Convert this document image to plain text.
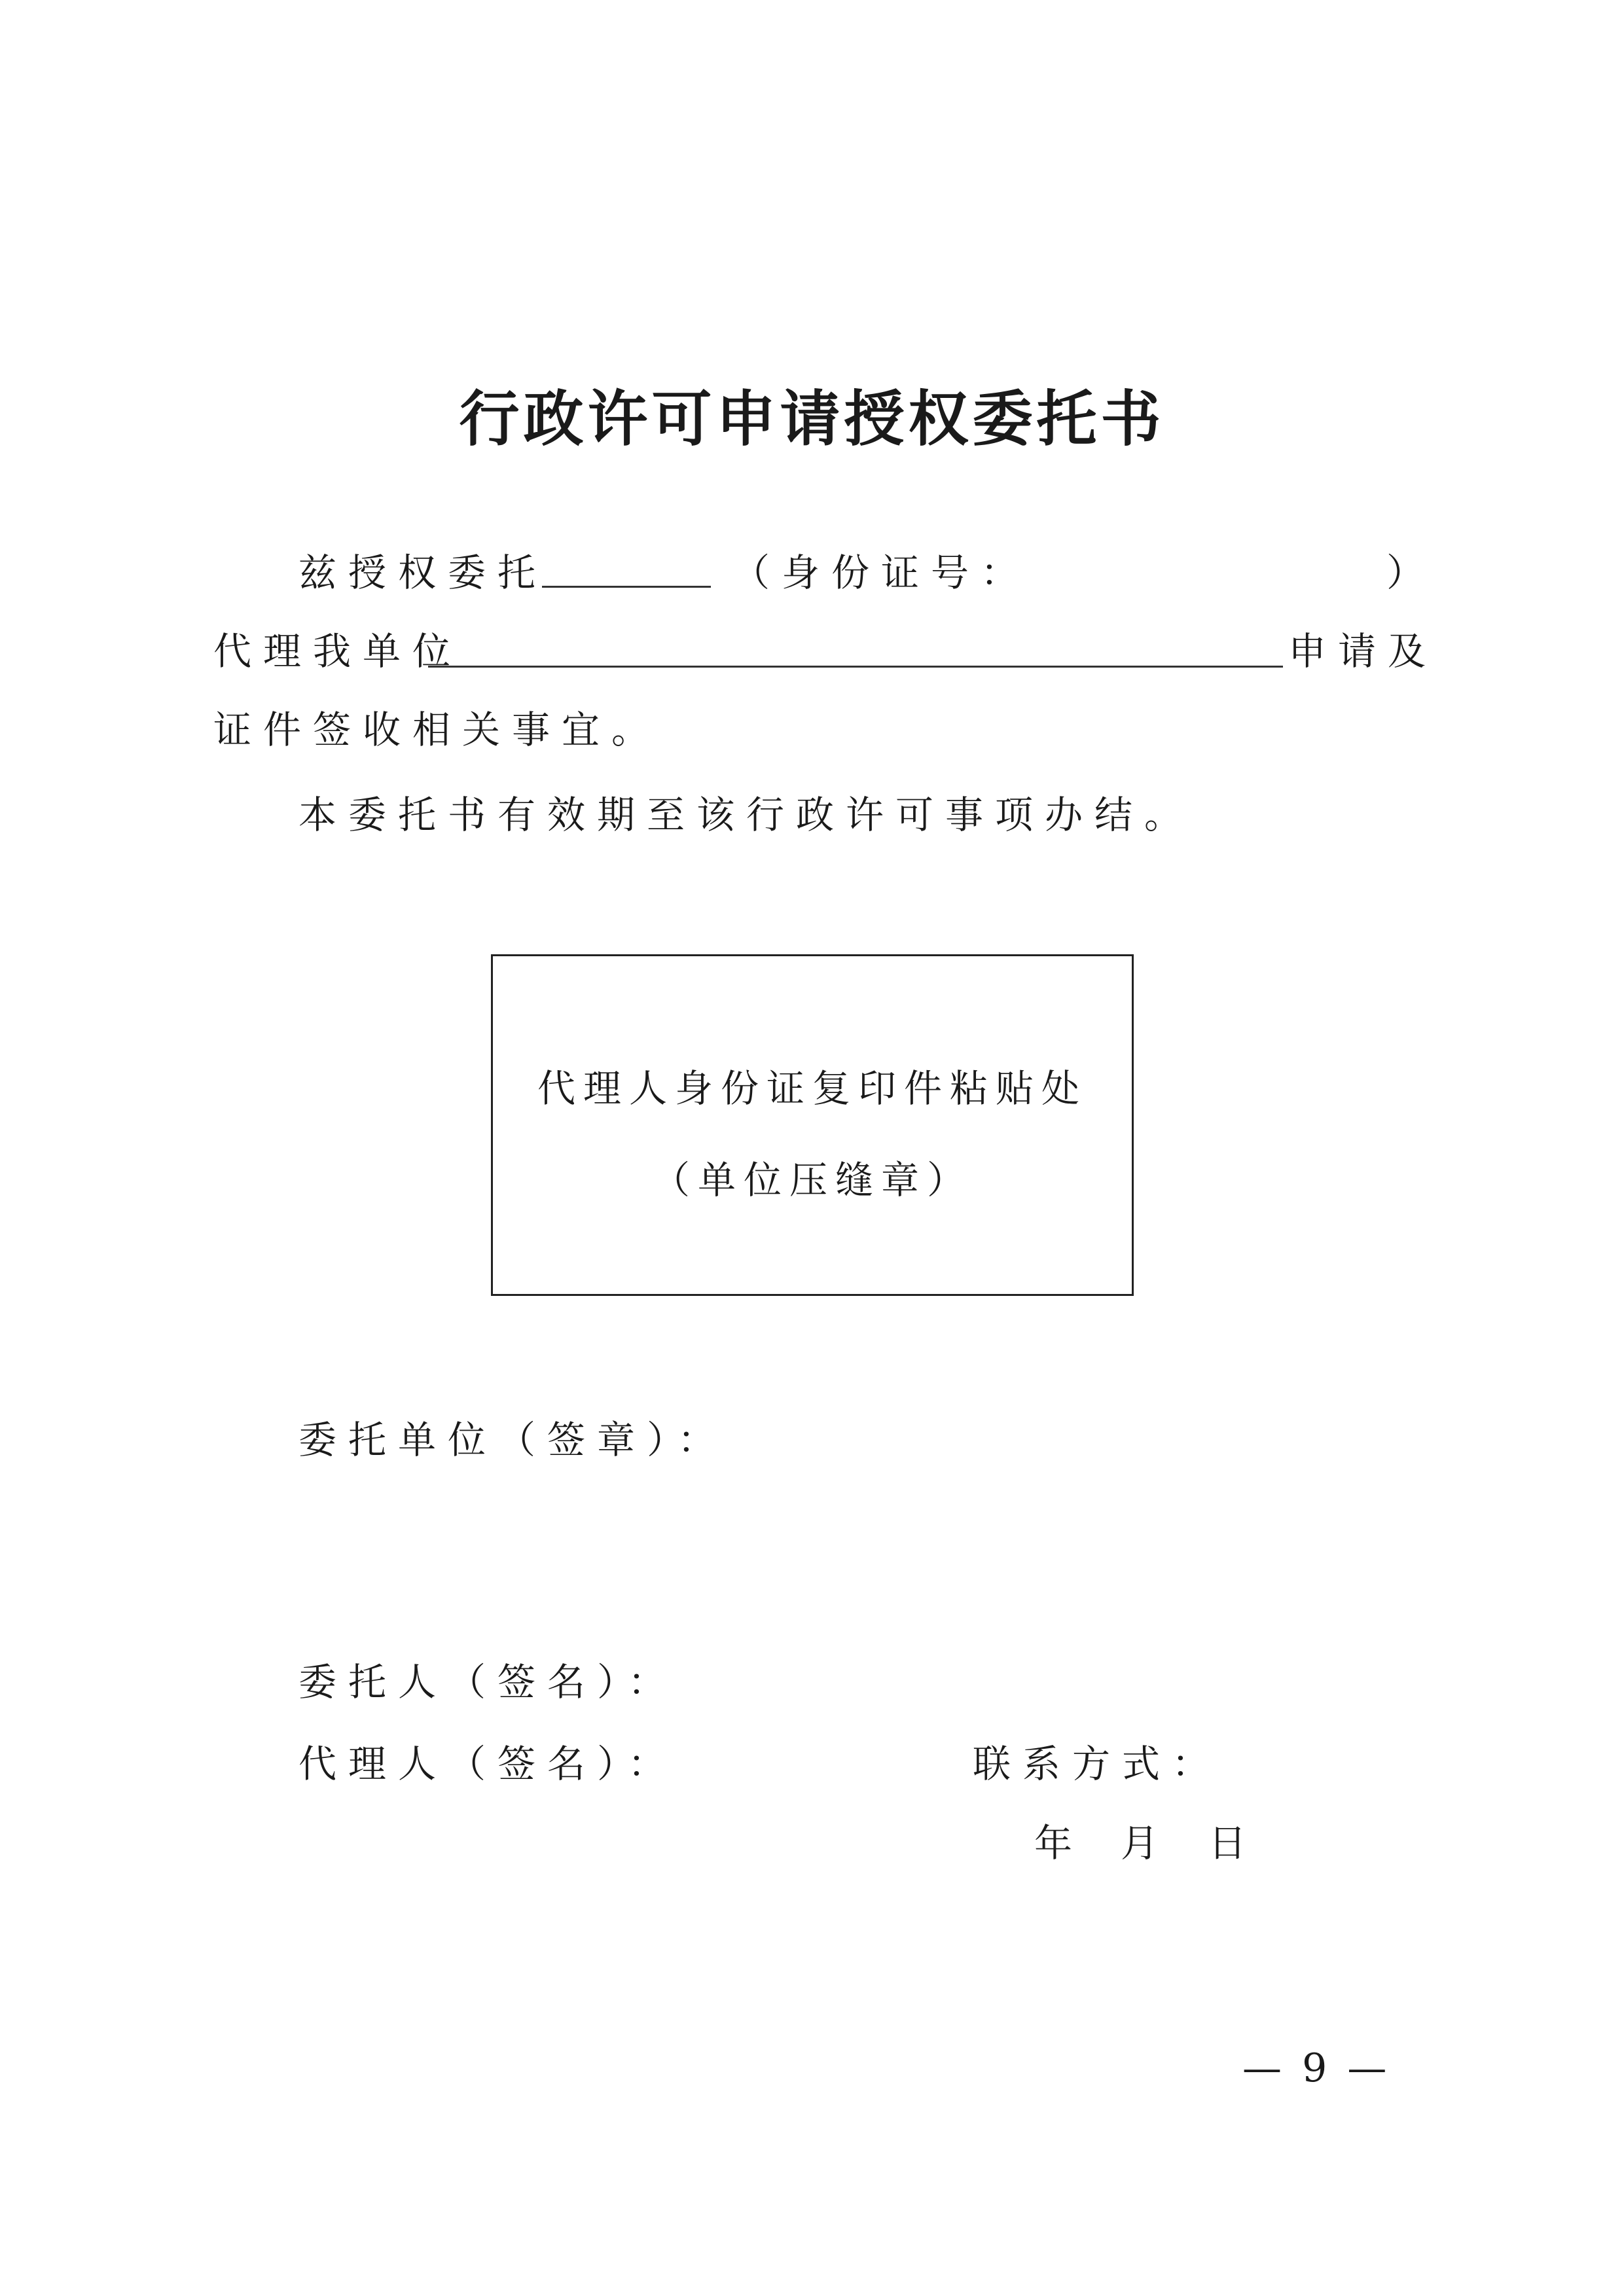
行政许可申请授权委托书
兹授权委托	（身份证号：	）
代理我单位	申请及
证件签收相关事宜。
本委托书有效期至该行政许可事项办结。
代理人身份证复印件粘贴处
（单位压缝章）
委托单位（签章）：
委托人（签名）：
代理人（签名）：	联系方式：
年 月 日
— 9 —
